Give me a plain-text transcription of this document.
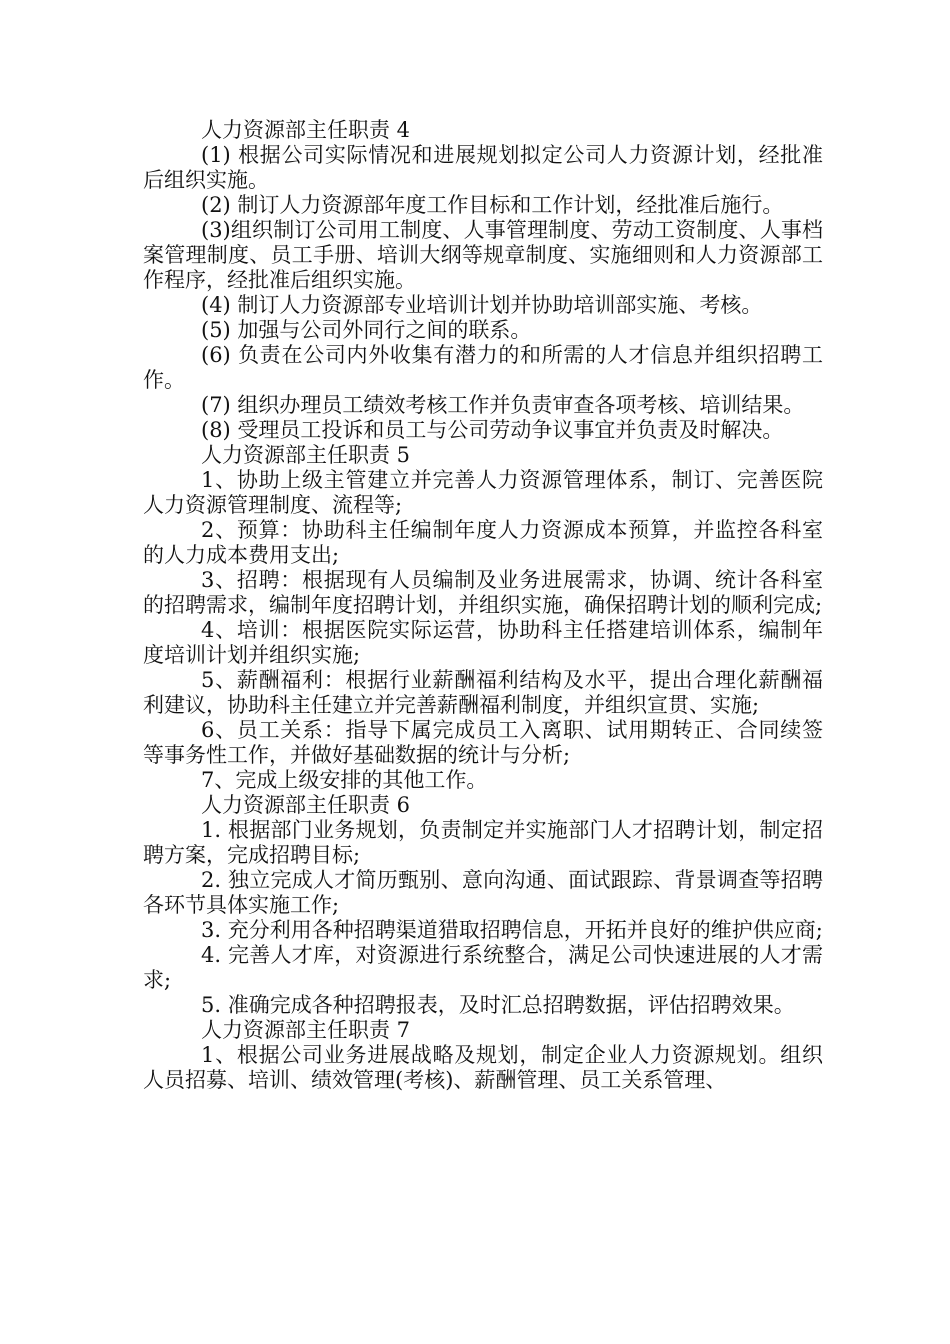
人力资源部主任职责 4

(1) 根据公司实际情况和进展规划拟定公司人力资源计划，经批准后组织实施。

(2) 制订人力资源部年度工作目标和工作计划，经批准后施行。

(3)组织制订公司用工制度、人事管理制度、劳动工资制度、人事档案管理制度、员工手册、培训大纲等规章制度、实施细则和人力资源部工作程序，经批准后组织实施。

(4) 制订人力资源部专业培训计划并协助培训部实施、考核。

(5) 加强与公司外同行之间的联系。

(6) 负责在公司内外收集有潜力的和所需的人才信息并组织招聘工作。

(7) 组织办理员工绩效考核工作并负责审查各项考核、培训结果。

(8) 受理员工投诉和员工与公司劳动争议事宜并负责及时解决。

人力资源部主任职责 5

1、协助上级主管建立并完善人力资源管理体系，制订、完善医院人力资源管理制度、流程等;

2、预算：协助科主任编制年度人力资源成本预算，并监控各科室的人力成本费用支出;

3、招聘：根据现有人员编制及业务进展需求，协调、统计各科室的招聘需求，编制年度招聘计划，并组织实施，确保招聘计划的顺利完成;

4、培训：根据医院实际运营，协助科主任搭建培训体系，编制年度培训计划并组织实施;

5、薪酬福利：根据行业薪酬福利结构及水平，提出合理化薪酬福利建议，协助科主任建立并完善薪酬福利制度，并组织宣贯、实施;

6、员工关系：指导下属完成员工入离职、试用期转正、合同续签等事务性工作，并做好基础数据的统计与分析;

7、完成上级安排的其他工作。

人力资源部主任职责 6

1. 根据部门业务规划，负责制定并实施部门人才招聘计划，制定招聘方案，完成招聘目标;

2. 独立完成人才简历甄别、意向沟通、面试跟踪、背景调查等招聘各环节具体实施工作;

3. 充分利用各种招聘渠道猎取招聘信息，开拓并良好的维护供应商;

4. 完善人才库，对资源进行系统整合，满足公司快速进展的人才需求;

5. 准确完成各种招聘报表，及时汇总招聘数据，评估招聘效果。

人力资源部主任职责 7

1、根据公司业务进展战略及规划，制定企业人力资源规划。组织人员招募、培训、绩效管理(考核)、薪酬管理、员工关系管理、
